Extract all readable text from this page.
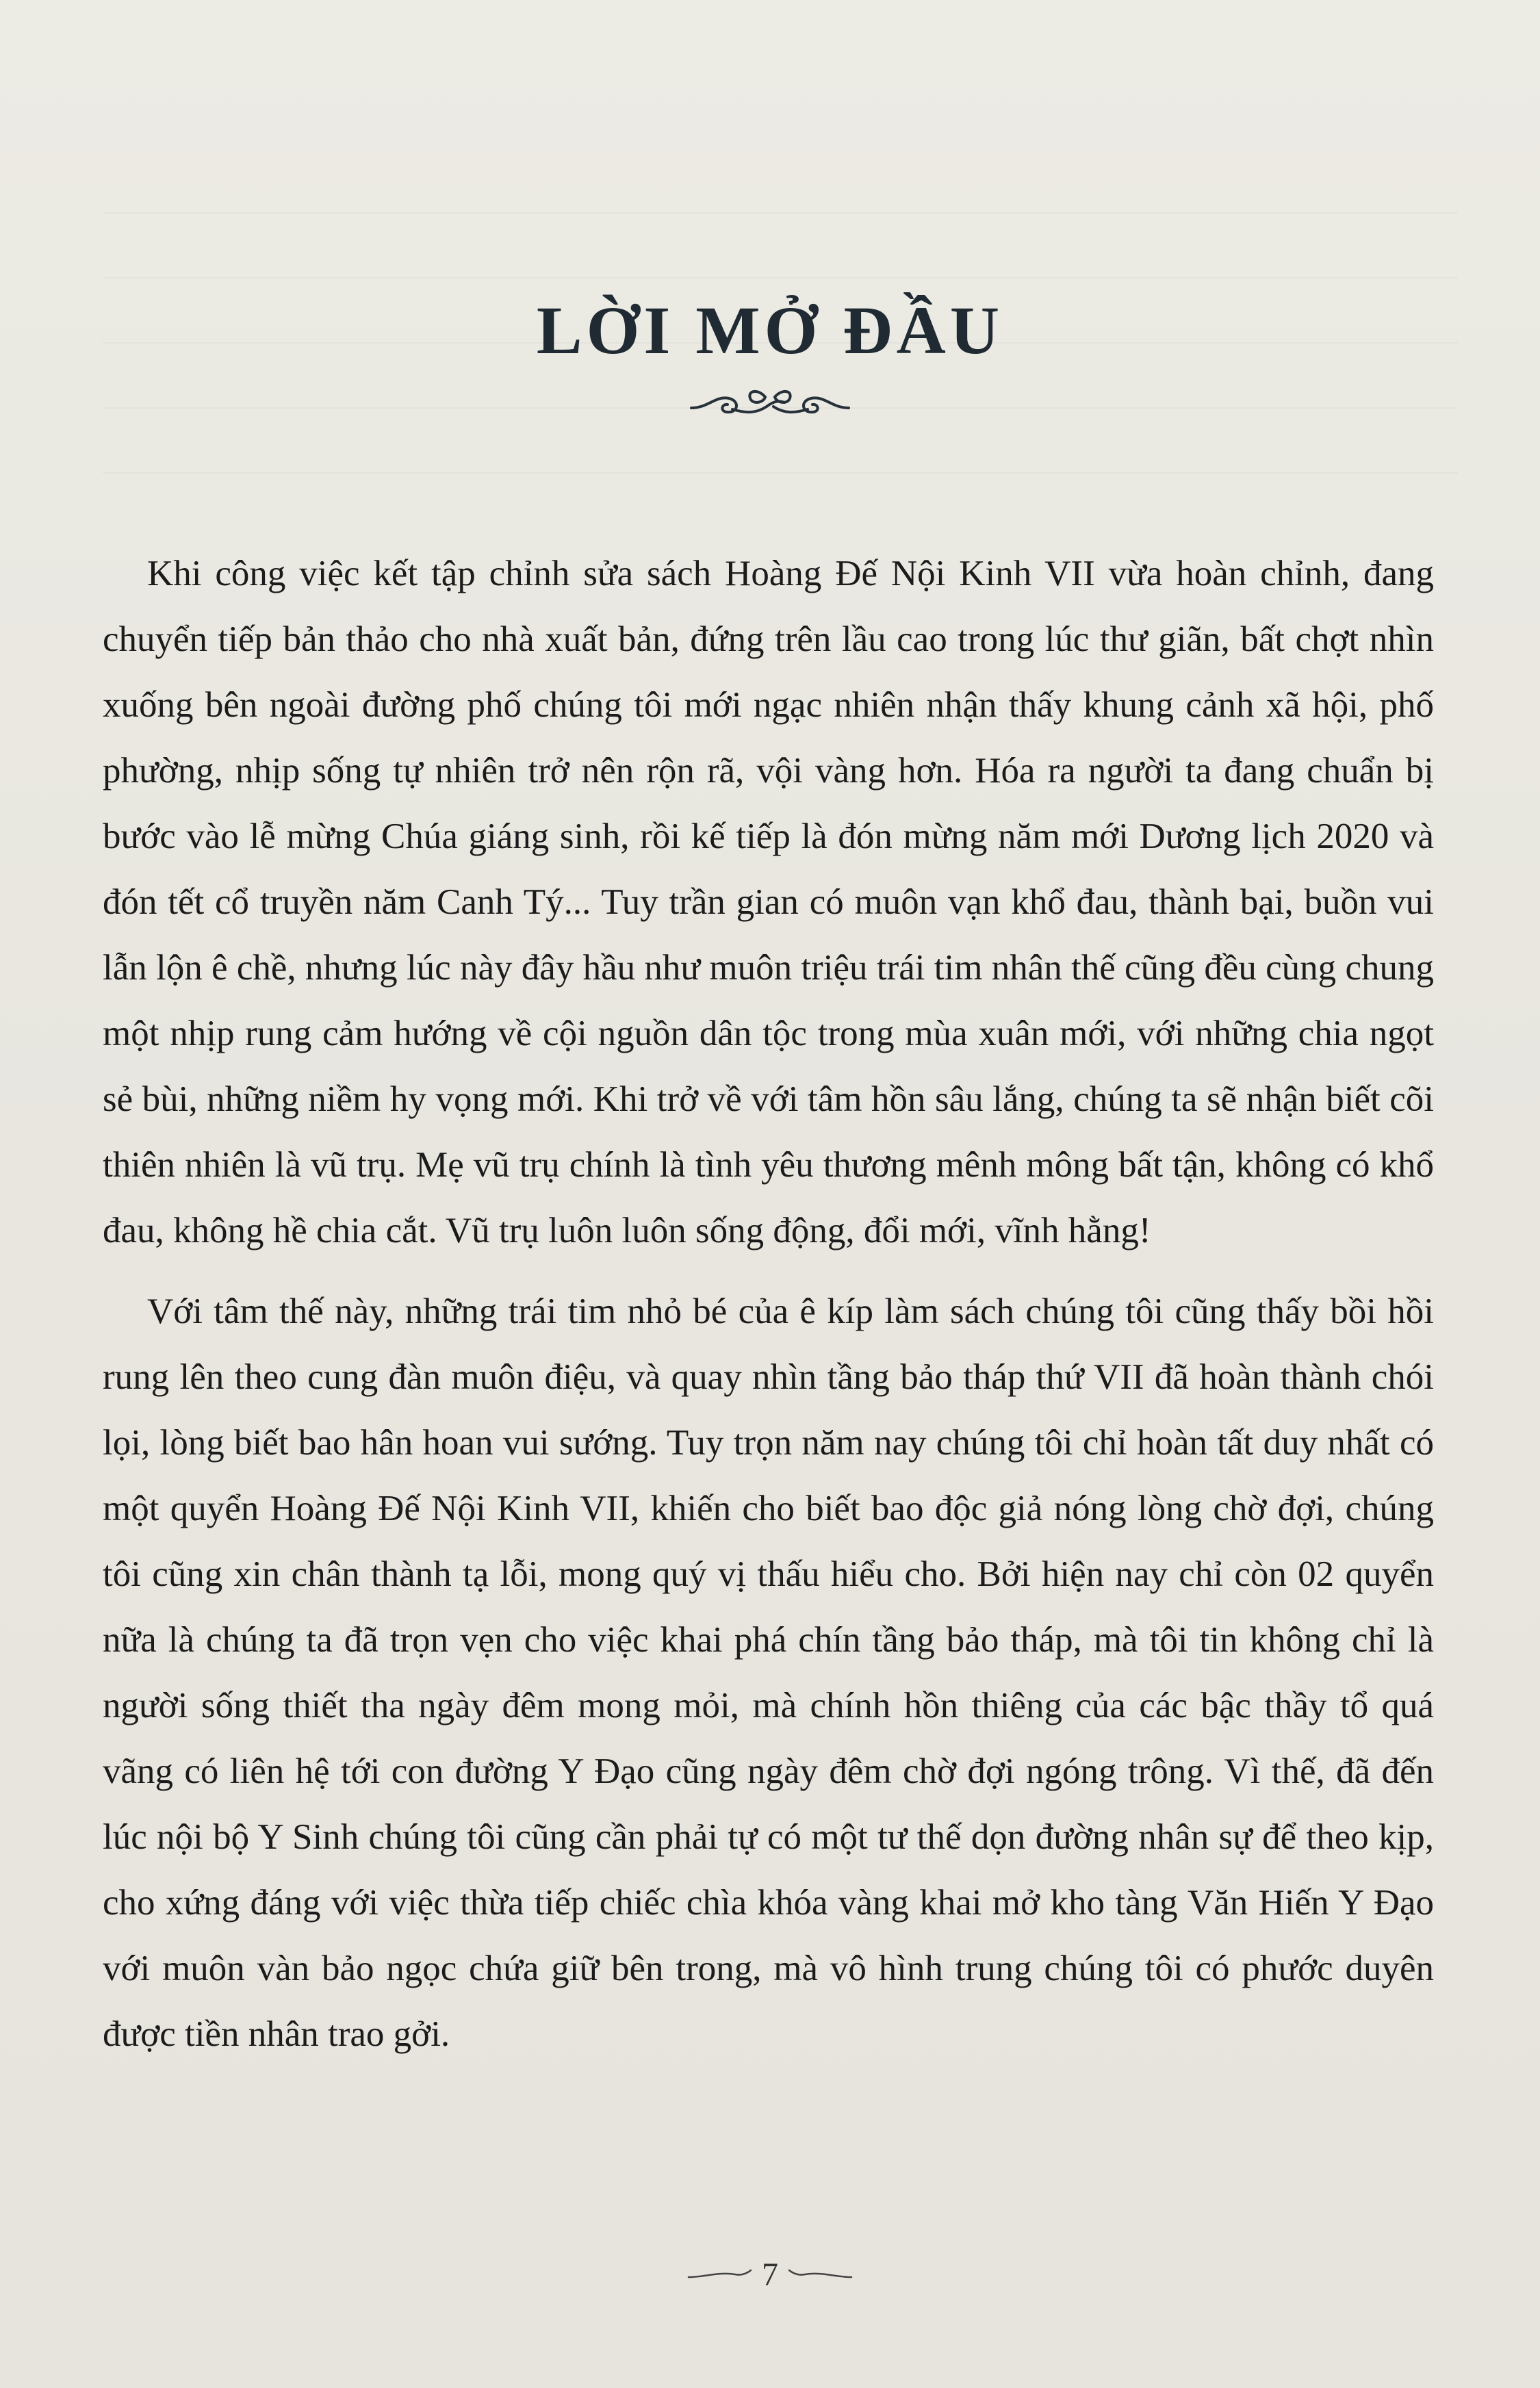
LỜI MỞ ĐẦU

Khi công việc kết tập chỉnh sửa sách Hoàng Đế Nội Kinh VII vừa hoàn chỉnh, đang chuyển tiếp bản thảo cho nhà xuất bản, đứng trên lầu cao trong lúc thư giãn, bất chợt nhìn xuống bên ngoài đường phố chúng tôi mới ngạc nhiên nhận thấy khung cảnh xã hội, phố phường, nhịp sống tự nhiên trở nên rộn rã, vội vàng hơn. Hóa ra người ta đang chuẩn bị bước vào lễ mừng Chúa giáng sinh, rồi kế tiếp là đón mừng năm mới Dương lịch 2020 và đón tết cổ truyền năm Canh Tý... Tuy trần gian có muôn vạn khổ đau, thành bại, buồn vui lẫn lộn ê chề, nhưng lúc này đây hầu như muôn triệu trái tim nhân thế cũng đều cùng chung một nhịp rung cảm hướng về cội nguồn dân tộc trong mùa xuân mới, với những chia ngọt sẻ bùi, những niềm hy vọng mới. Khi trở về với tâm hồn sâu lắng, chúng ta sẽ nhận biết cõi thiên nhiên là vũ trụ. Mẹ vũ trụ chính là tình yêu thương mênh mông bất tận, không có khổ đau, không hề chia cắt. Vũ trụ luôn luôn sống động, đổi mới, vĩnh hằng!

Với tâm thế này, những trái tim nhỏ bé của ê kíp làm sách chúng tôi cũng thấy bồi hồi rung lên theo cung đàn muôn điệu, và quay nhìn tầng bảo tháp thứ VII đã hoàn thành chói lọi, lòng biết bao hân hoan vui sướng. Tuy trọn năm nay chúng tôi chỉ hoàn tất duy nhất có một quyển Hoàng Đế Nội Kinh VII, khiến cho biết bao độc giả nóng lòng chờ đợi, chúng tôi cũng xin chân thành tạ lỗi, mong quý vị thấu hiểu cho. Bởi hiện nay chỉ còn 02 quyển nữa là chúng ta đã trọn vẹn cho việc khai phá chín tầng bảo tháp, mà tôi tin không chỉ là người sống thiết tha ngày đêm mong mỏi, mà chính hồn thiêng của các bậc thầy tổ quá vãng có liên hệ tới con đường Y Đạo cũng ngày đêm chờ đợi ngóng trông. Vì thế, đã đến lúc nội bộ Y Sinh chúng tôi cũng cần phải tự có một tư thế dọn đường nhân sự để theo kịp, cho xứng đáng với việc thừa tiếp chiếc chìa khóa vàng khai mở kho tàng Văn Hiến Y Đạo với muôn vàn bảo ngọc chứa giữ bên trong, mà vô hình trung chúng tôi có phước duyên được tiền nhân trao gởi.

7
